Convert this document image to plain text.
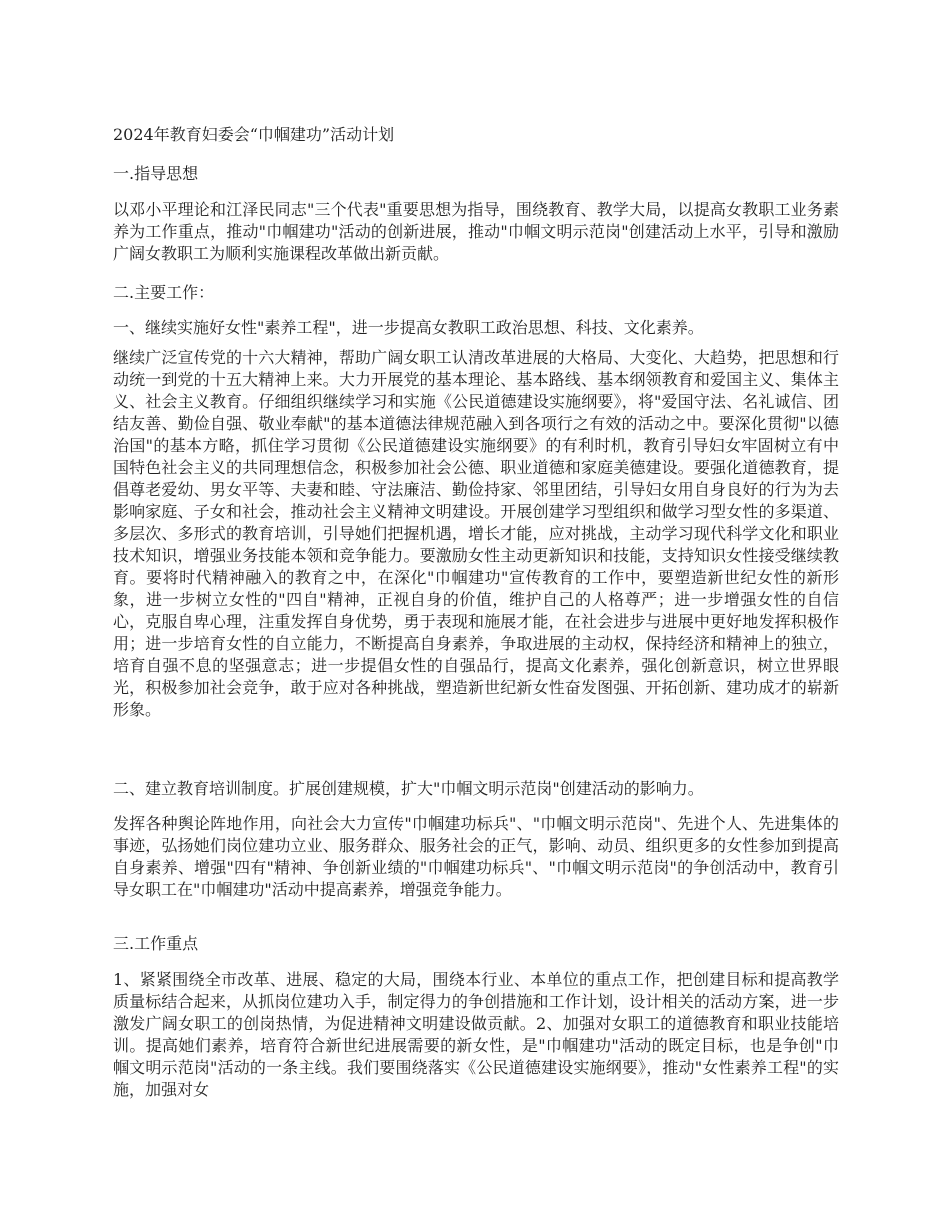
2024年教育妇委会“巾帼建功”活动计划
一.指导思想
以邓小平理论和江泽民同志"三个代表"重要思想为指导，围绕教育、教学大局，以提高女教职工业务素养为工作重点，推动"巾帼建功"活动的创新进展，推动"巾帼文明示范岗"创建活动上水平，引导和激励广阔女教职工为顺利实施课程改革做出新贡献。
二.主要工作：
一、继续实施好女性"素养工程"，进一步提高女教职工政治思想、科技、文化素养。
继续广泛宣传党的十六大精神，帮助广阔女职工认清改革进展的大格局、大变化、大趋势，把思想和行动统一到党的十五大精神上来。大力开展党的基本理论、基本路线、基本纲领教育和爱国主义、集体主义、社会主义教育。仔细组织继续学习和实施《公民道德建设实施纲要》，将"爱国守法、名礼诚信、团结友善、勤俭自强、敬业奉献"的基本道德法律规范融入到各项行之有效的活动之中。要深化贯彻"以德治国"的基本方略，抓住学习贯彻《公民道德建设实施纲要》的有利时机，教育引导妇女牢固树立有中国特色社会主义的共同理想信念，积极参加社会公德、职业道德和家庭美德建设。要强化道德教育，提倡尊老爱幼、男女平等、夫妻和睦、守法廉洁、勤俭持家、邻里团结，引导妇女用自身良好的行为为去影响家庭、子女和社会，推动社会主义精神文明建设。开展创建学习型组织和做学习型女性的多渠道、多层次、多形式的教育培训，引导她们把握机遇，增长才能，应对挑战，主动学习现代科学文化和职业技术知识，增强业务技能本领和竞争能力。要激励女性主动更新知识和技能，支持知识女性接受继续教育。要将时代精神融入的教育之中，在深化"巾帼建功"宣传教育的工作中，要塑造新世纪女性的新形象，进一步树立女性的"四自"精神，正视自身的价值，维护自己的人格尊严；进一步增强女性的自信心，克服自卑心理，注重发挥自身优势，勇于表现和施展才能，在社会进步与进展中更好地发挥积极作用；进一步培育女性的自立能力，不断提高自身素养，争取进展的主动权，保持经济和精神上的独立，培育自强不息的坚强意志；进一步提倡女性的自强品行，提高文化素养，强化创新意识，树立世界眼光，积极参加社会竞争，敢于应对各种挑战，塑造新世纪新女性奋发图强、开拓创新、建功成才的崭新形象。
二、建立教育培训制度。扩展创建规模，扩大"巾帼文明示范岗"创建活动的影响力。
发挥各种舆论阵地作用，向社会大力宣传"巾帼建功标兵"、"巾帼文明示范岗"、先进个人、先进集体的事迹，弘扬她们岗位建功立业、服务群众、服务社会的正气，影响、动员、组织更多的女性参加到提高自身素养、增强"四有"精神、争创新业绩的"巾帼建功标兵"、"巾帼文明示范岗"的争创活动中，教育引导女职工在"巾帼建功"活动中提高素养，增强竞争能力。
三.工作重点
1、紧紧围绕全市改革、进展、稳定的大局，围绕本行业、本单位的重点工作，把创建目标和提高教学质量标结合起来，从抓岗位建功入手，制定得力的争创措施和工作计划，设计相关的活动方案，进一步激发广阔女职工的创岗热情，为促进精神文明建设做贡献。2、加强对女职工的道德教育和职业技能培训。提高她们素养，培育符合新世纪进展需要的新女性，是"巾帼建功"活动的既定目标，也是争创"巾帼文明示范岗"活动的一条主线。我们要围绕落实《公民道德建设实施纲要》，推动"女性素养工程"的实施，加强对女
